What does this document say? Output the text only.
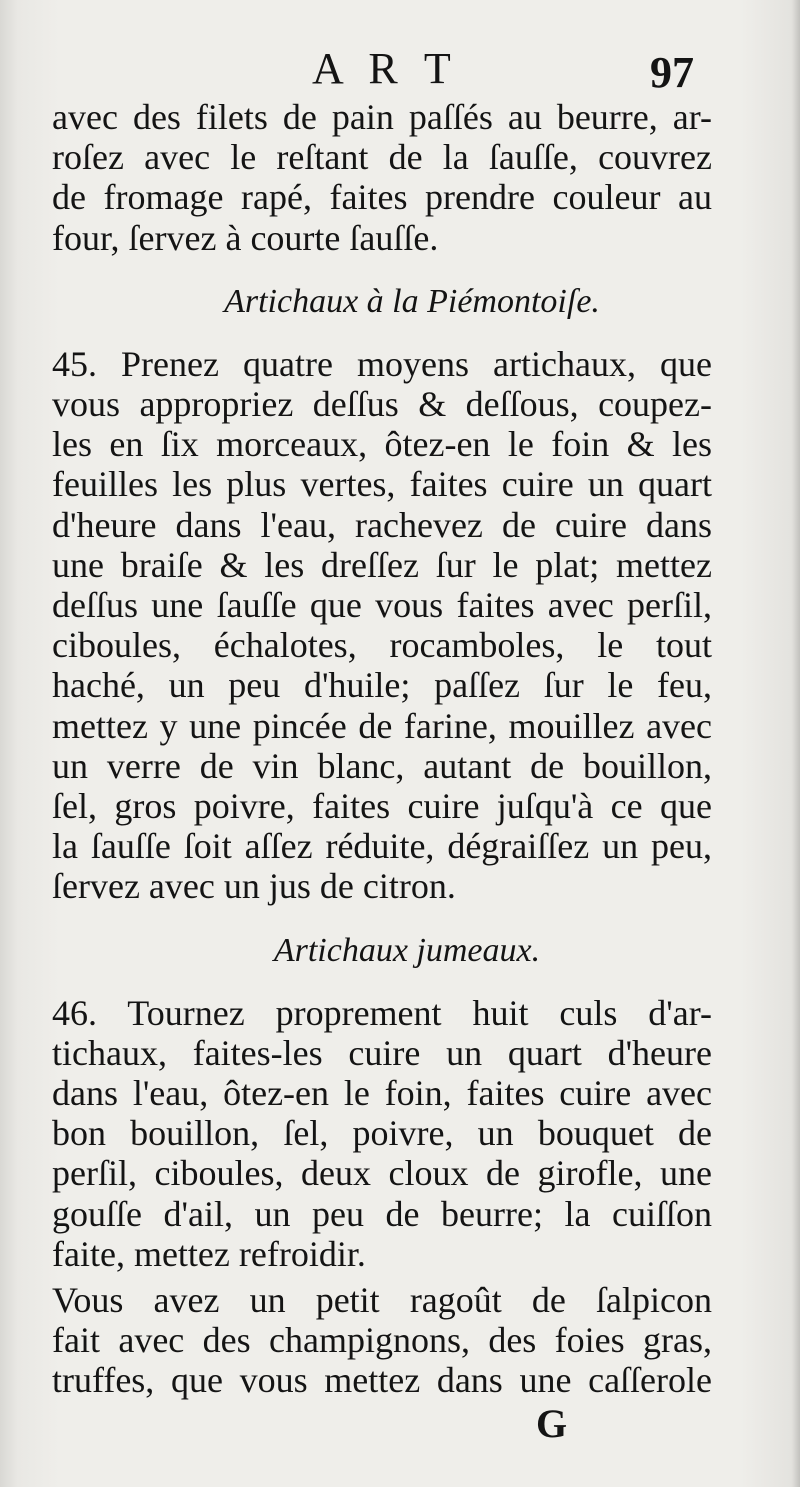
A R T	97
avec des filets de pain paſſés au beurre, ar-
roſez avec le reſtant de la ſauſſe, couvrez
de fromage rapé, faites prendre couleur au
four, ſervez à courte ſauſſe.
Artichaux à la Piémontoiſe.
45. Prenez quatre moyens artichaux, que
vous appropriez deſſus & deſſous, coupez-
les en ſix morceaux, ôtez-en le foin & les
feuilles les plus vertes, faites cuire un quart
d'heure dans l'eau, rachevez de cuire dans
une braiſe & les dreſſez ſur le plat; mettez
deſſus une ſauſſe que vous faites avec perſil,
ciboules, échalotes, rocamboles, le tout
haché, un peu d'huile; paſſez ſur le feu,
mettez y une pincée de farine, mouillez avec
un verre de vin blanc, autant de bouillon,
ſel, gros poivre, faites cuire juſqu'à ce que
la ſauſſe ſoit aſſez réduite, dégraiſſez un peu,
ſervez avec un jus de citron.
Artichaux jumeaux.
46. Tournez proprement huit culs d'ar-
tichaux, faites-les cuire un quart d'heure
dans l'eau, ôtez-en le foin, faites cuire avec
bon bouillon, ſel, poivre, un bouquet de
perſil, ciboules, deux cloux de girofle, une
gouſſe d'ail, un peu de beurre; la cuiſſon
faite, mettez refroidir.
Vous avez un petit ragoût de ſalpicon
fait avec des champignons, des foies gras,
truffes, que vous mettez dans une caſſerole
G
